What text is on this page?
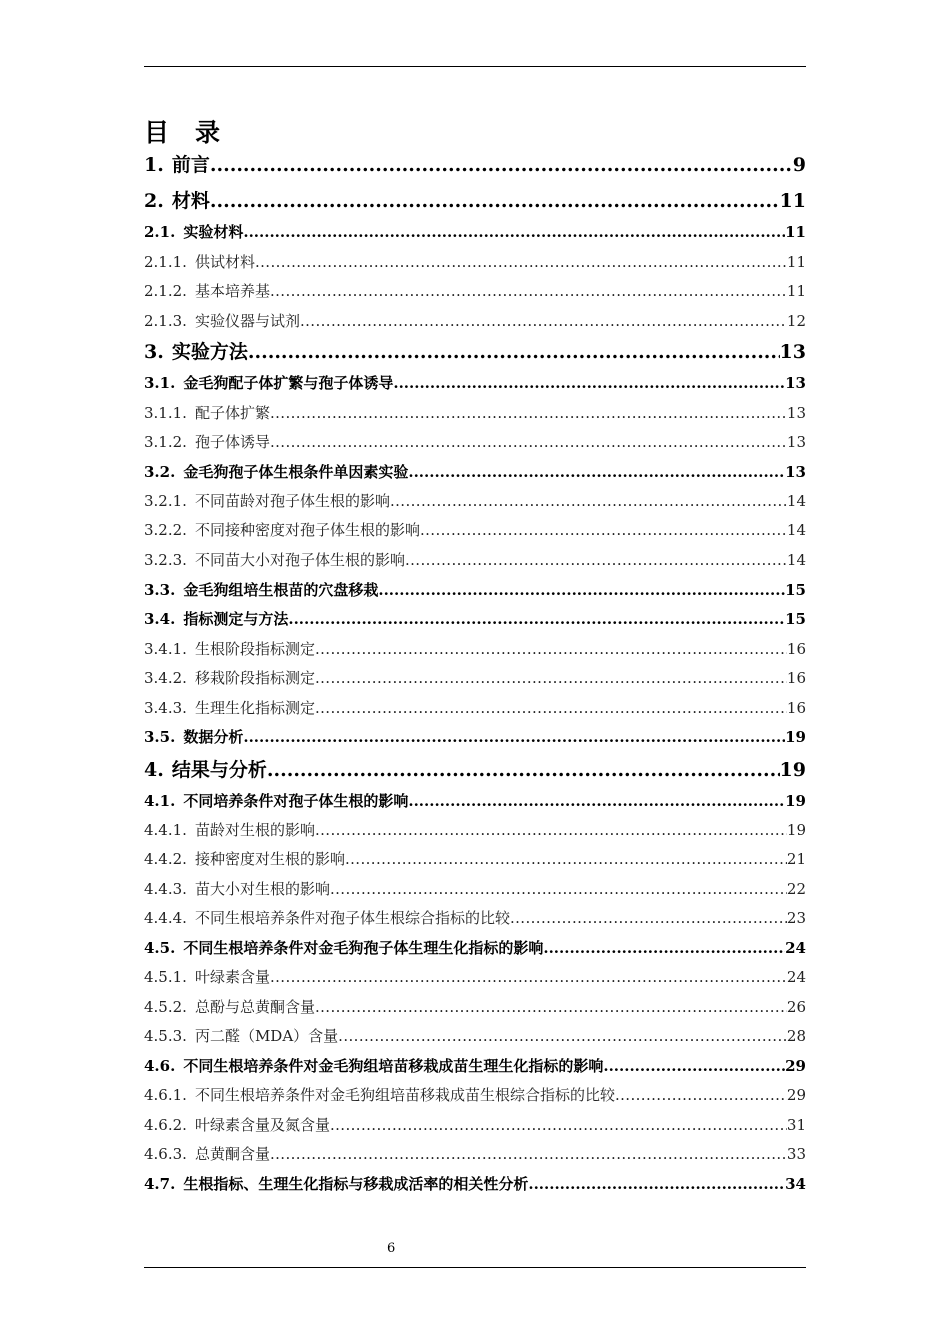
目录
1. 前言 .....	9
2. 材料 .....	11
2.1. 实验材料 .....	11
2.1.1. 供试材料 .....	11
2.1.2. 基本培养基 .....	11
2.1.3. 实验仪器与试剂 .....	12
3. 实验方法 .....	13
3.1. 金毛狗配子体扩繁与孢子体诱导 .....	13
3.1.1. 配子体扩繁 .....	13
3.1.2. 孢子体诱导 .....	13
3.2. 金毛狗孢子体生根条件单因素实验 .....	13
3.2.1. 不同苗龄对孢子体生根的影响 .....	14
3.2.2. 不同接种密度对孢子体生根的影响 .....	14
3.2.3. 不同苗大小对孢子体生根的影响 .....	14
3.3. 金毛狗组培生根苗的穴盘移栽 .....	15
3.4. 指标测定与方法 .....	15
3.4.1. 生根阶段指标测定 .....	16
3.4.2. 移栽阶段指标测定 .....	16
3.4.3. 生理生化指标测定 .....	16
3.5. 数据分析 .....	19
4. 结果与分析 .....	19
4.1. 不同培养条件对孢子体生根的影响 .....	19
4.4.1. 苗龄对生根的影响 .....	19
4.4.2. 接种密度对生根的影响 .....	21
4.4.3. 苗大小对生根的影响 .....	22
4.4.4. 不同生根培养条件对孢子体生根综合指标的比较 .....	23
4.5. 不同生根培养条件对金毛狗孢子体生理生化指标的影响 .....	24
4.5.1. 叶绿素含量 .....	24
4.5.2. 总酚与总黄酮含量 .....	26
4.5.3. 丙二醛（MDA）含量 .....	28
4.6. 不同生根培养条件对金毛狗组培苗移栽成苗生理生化指标的影响 .....	29
4.6.1. 不同生根培养条件对金毛狗组培苗移栽成苗生根综合指标的比较 .....	29
4.6.2. 叶绿素含量及氮含量 .....	31
4.6.3. 总黄酮含量 .....	33
4.7. 生根指标、生理生化指标与移栽成活率的相关性分析 .....	34
6
